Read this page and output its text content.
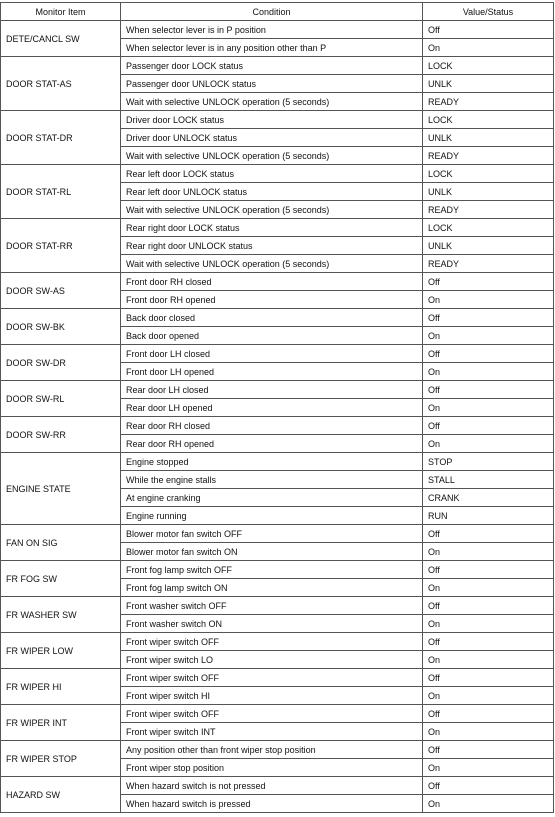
Monitor Item	Condition	Value/Status
DETE/CANCL SW	When selector lever is in P position	Off
	When selector lever is in any position other than P	On
DOOR STAT-AS	Passenger door LOCK status	LOCK
	Passenger door UNLOCK status	UNLK
	Wait with selective UNLOCK operation (5 seconds)	READY
DOOR STAT-DR	Driver door LOCK status	LOCK
	Driver door UNLOCK status	UNLK
	Wait with selective UNLOCK operation (5 seconds)	READY
DOOR STAT-RL	Rear left door LOCK status	LOCK
	Rear left door UNLOCK status	UNLK
	Wait with selective UNLOCK operation (5 seconds)	READY
DOOR STAT-RR	Rear right door LOCK status	LOCK
	Rear right door UNLOCK status	UNLK
	Wait with selective UNLOCK operation (5 seconds)	READY
DOOR SW-AS	Front door RH closed	Off
	Front door RH opened	On
DOOR SW-BK	Back door closed	Off
	Back door opened	On
DOOR SW-DR	Front door LH closed	Off
	Front door LH opened	On
DOOR SW-RL	Rear door LH closed	Off
	Rear door LH opened	On
DOOR SW-RR	Rear door RH closed	Off
	Rear door RH opened	On
ENGINE STATE	Engine stopped	STOP
	While the engine stalls	STALL
	At engine cranking	CRANK
	Engine running	RUN
FAN ON SIG	Blower motor fan switch OFF	Off
	Blower motor fan switch ON	On
FR FOG SW	Front fog lamp switch OFF	Off
	Front fog lamp switch ON	On
FR WASHER SW	Front washer switch OFF	Off
	Front washer switch ON	On
FR WIPER LOW	Front wiper switch OFF	Off
	Front wiper switch LO	On
FR WIPER HI	Front wiper switch OFF	Off
	Front wiper switch HI	On
FR WIPER INT	Front wiper switch OFF	Off
	Front wiper switch INT	On
FR WIPER STOP	Any position other than front wiper stop position	Off
	Front wiper stop position	On
HAZARD SW	When hazard switch is not pressed	Off
	When hazard switch is pressed	On
